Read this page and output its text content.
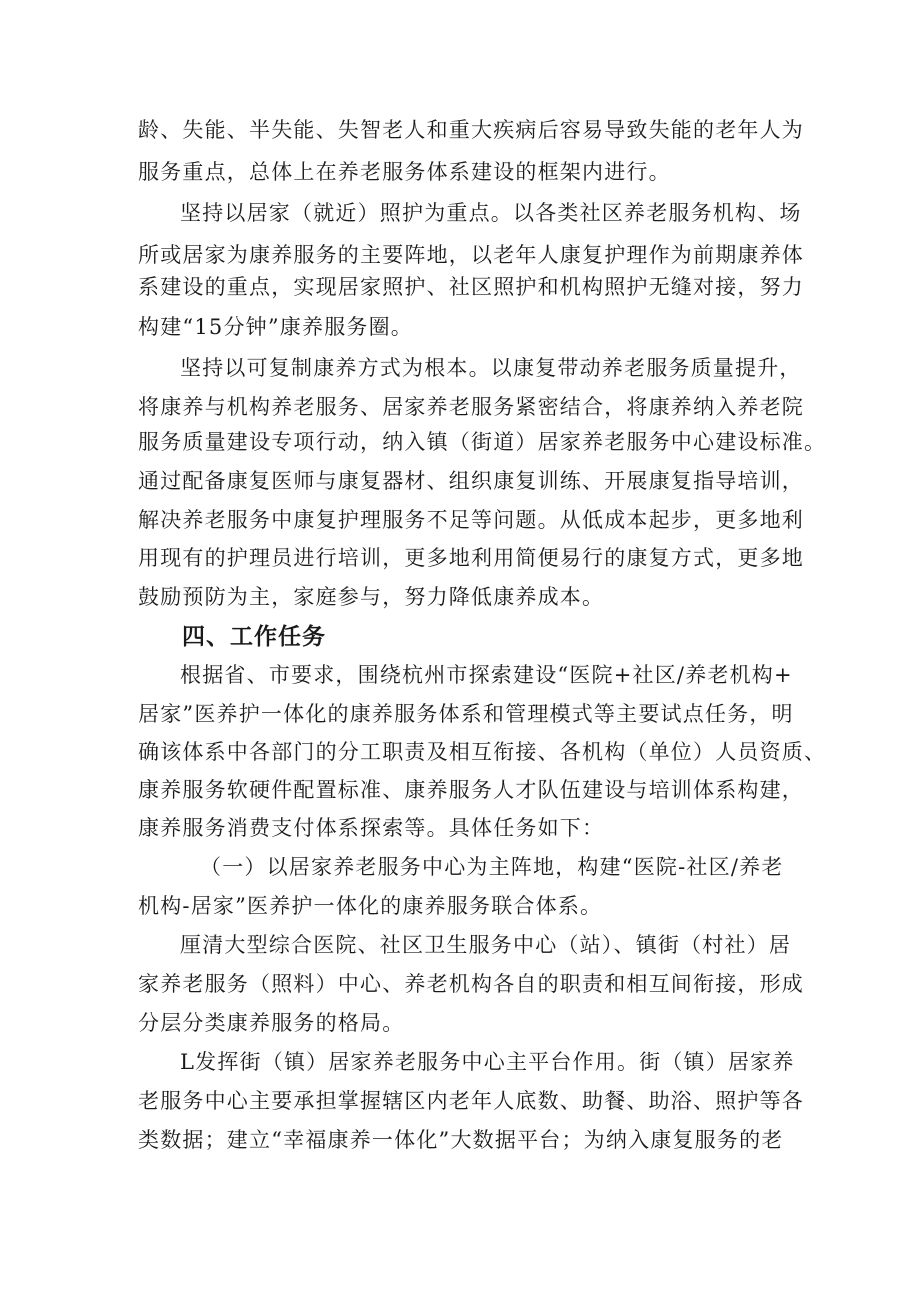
龄、失能、半失能、失智老人和重大疾病后容易导致失能的老年人为
服务重点，总体上在养老服务体系建设的框架内进行。
坚持以居家（就近）照护为重点。以各类社区养老服务机构、场
所或居家为康养服务的主要阵地，以老年人康复护理作为前期康养体
系建设的重点，实现居家照护、社区照护和机构照护无缝对接，努力
构建“15分钟”康养服务圈。
坚持以可复制康养方式为根本。以康复带动养老服务质量提升，
将康养与机构养老服务、居家养老服务紧密结合，将康养纳入养老院
服务质量建设专项行动，纳入镇（街道）居家养老服务中心建设标准。
通过配备康复医师与康复器材、组织康复训练、开展康复指导培训，
解决养老服务中康复护理服务不足等问题。从低成本起步，更多地利
用现有的护理员进行培训，更多地利用简便易行的康复方式，更多地
鼓励预防为主，家庭参与，努力降低康养成本。
四、工作任务
根据省、市要求，围绕杭州市探索建设“医院+社区/养老机构+
居家”医养护一体化的康养服务体系和管理模式等主要试点任务，明
确该体系中各部门的分工职责及相互衔接、各机构（单位）人员资质、
康养服务软硬件配置标准、康养服务人才队伍建设与培训体系构建，
康养服务消费支付体系探索等。具体任务如下：
（一）以居家养老服务中心为主阵地，构建“医院-社区/养老
机构-居家”医养护一体化的康养服务联合体系。
厘清大型综合医院、社区卫生服务中心（站）、镇街（村社）居
家养老服务（照料）中心、养老机构各自的职责和相互间衔接，形成
分层分类康养服务的格局。
L发挥街（镇）居家养老服务中心主平台作用。街（镇）居家养
老服务中心主要承担掌握辖区内老年人底数、助餐、助浴、照护等各
类数据；建立“幸福康养一体化”大数据平台；为纳入康复服务的老
